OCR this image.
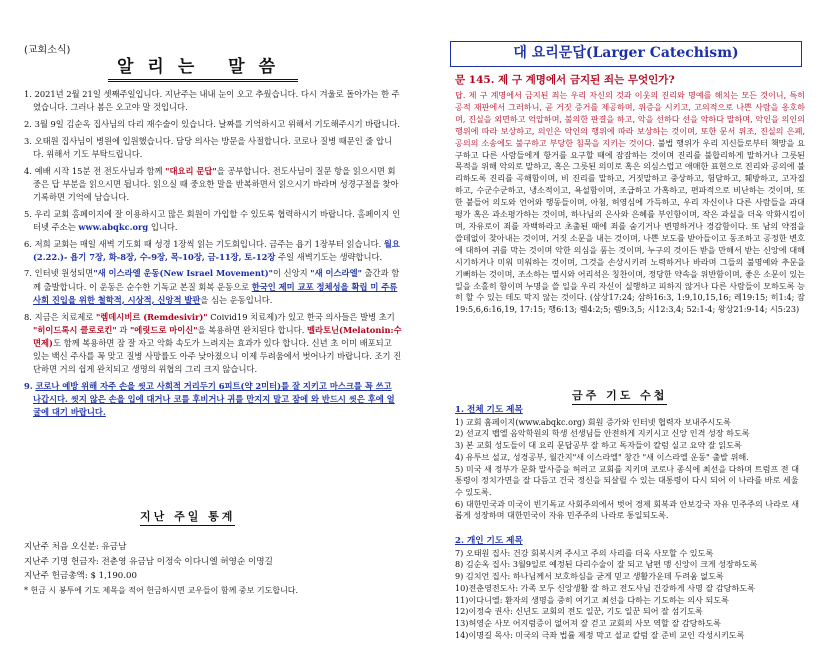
(교회소식)
알리는 말씀
1. 2021년 2월 21일 셋째주일입니다. 지난주는 내내 눈이 오고 추웠습니다. 다시 겨울로 돌아가는 한 주였습니다. 그러나 봄은 오고야 말 것입니다.
2. 3월 9일 김순옥 집사님의 다리 재수술이 있습니다. 날짜를 기억하시고 위해서 기도해주시기 바랍니다.
3. 오태원 집사님이 병원에 입원했습니다. 담당 의사는 방문을 사절합니다. 코로나 질병 때문인 줄 압니다. 위해서 기도 부탁드립니다.
4. 예배 시작 15분 전 전도사님과 함께 "대요리 문답"을 공부합니다. 전도사님이 질문 항을 읽으시면 회중은 답 부분을 읽으시면 됩니다. 읽으실 때 중요한 말을 반복하면서 읽으시기 바라며 성경구절을 찾아 기록하면 기억에 남습니다.
5. 우리 교회 홈페이지에 잘 이용하시고 많은 회원이 가입할 수 있도록 협력하시기 바랍니다. 홈페이지 인터넷 주소는 www.abqkc.org 입니다.
6. 저희 교회는 매일 새벽 기도회 때 성경 1장씩 읽는 기도회입니다. 금주는 욥기 1장부터 읽습니다. 월요(2.22.)- 욥기 7장, 화-8장, 수-9장, 목-10장, 금-11장, 토-12장 주일 새벽기도는 생략합니다.
7. 인터넷 원성되면"새 이스라엘 운동(New Israel Movement)"이 신앙지 "새 이스라엘" 출간과 함께 출발합니다. 이 운동은 순수한 기독교 본질 회복 운동으로 한국인 제미 교포 정체성을 확립 미 주류 사회 진입을 위한 철학적, 시상적, 신앙적 발판을 심는 운동입니다.
8. 지금은 치료제로 "렘데시비르 (Remdesivir)" Coivid19 치료제)가 있고 한국 의사들은 발병 초기 "히이드록시 클로로킨" 과 "에릿드로 마이신"을 복용하면 완치된다 합니다. 멜라토닌(Melatonin:수면제)도 함께 복용하면 잠 잘 자고 악화 속도가 느려지는 효과가 있다 합니다. 신년 초 이미 배포되고 있는 백신 주사를 꼭 맞고 질병 사망률도 아주 낮아졌으니 이제 두려움에서 벗어나기 바랍니다. 조기 진단하면 거의 쉽게 완치되고 생명의 위협의 그리 크지 않습니다.
9. 코로나 예방 위해 자주 손을 씻고 사회적 거리두기 6피트(약 2미터)를 잘 지키고 마스크를 꼭 쓰고 나갑시다. 씻지 않은 손을 입에 대거나 코를 후비거나 귀를 만지지 말고 잠에 와 반드시 씻은 후에 얼굴에 대기 바랍니다.
지난 주일 통계
지난주 처음 오신분: 유금남
지난주 기명 헌금자: 전춘영 유금남 이정숙 이다니엘 허영순 이명길
지난주 헌금총액: $ 1,190.00
* 헌금 시 봉투에 기도 제목을 적어 헌금하시면 교우들이 함께 중보 기도합니다.
대 요리문답(Larger Catechism)
문 145. 제 구 계명에서 금지된 죄는 무엇인가?
답. 제 구 계명에서 금지된 죄는 우리 자신의 것과 이웃의 진리와 명예를 해치는 모든 것이니, 특히 공적 재판에서 그러하니, 곧 거짓 증거를 제공하며, 위증을 시키고, 고의적으로 나쁜 사람을 옹호하며, 진실을 외면하고 억압하며, 불의한 판결을 하고, 악을 선하다 선을 악하다 말하며, 악인을 의인의 행위에 따라 보상하고, 의인은 악인의 행위에 따라 보상하는 것이며, 또한 문서 위조, 진실의 은폐, 공의의 소송에도 불구하고 부당한 침묵을 지키는 것이다. 불법 행위가 우리 지신들로부터 책망을 요구하고 다른 사람들에게 항거를 요구할 때에 잠잠하는 것이며 진리를 불합리하게 말하거나 그릇된 목적을 위해 악의로 말하고, 혹은 그릇된 의미로 혹은 의심스럽고 애매한 표현으로 진리와 공의에 불리하도록 진리를 곡해함이며, 비 진리를 말하고, 거짓말하고 중상하고, 험담하고, 훼방하고, 고자질하고, 수군수군하고, 냉소적이고, 욕설함이며, 조급하고 가혹하고, 편파적으로 비난하는 것이며, 또한 붙들어 의도와 언어와 행동들이며, 아첨, 허영심에 가득하고, 우리 자신이나 다른 사람들을 과대평가 혹은 과소평가하는 것이며, 하나님의 은사와 은혜를 부인함이며, 작은 과실을 더욱 악화시킴이며, 자유로이 죄를 자백하라고 초출된 때에 죄를 숨기거나 변명하거나 경감함이다. 또 남의 약점을 쓸데없이 찾아내는 것이며, 거짓 소문을 내는 것이며, 나쁜 보도를 받아들이고 동조하고 공정한 변호에 대하여 귀를 막는 것이며 악한 의심을 품는 것이며, 누구의 것이든 받을 만해서 받는 신앙에 대해 시기하거나 미워 미워하는 것이며, 그것을 손상시키려 노력하거나 바라며 그들의 불명예와 추문을 기뻐하는 것이며, 조소하는 멸시와 어리석은 칭찬이며, 정당한 약속을 위반함이며, 좋은 소문이 있는 일을 소홀히 함이며 누명을 쓸 일을 우리 자신이 실행하고 피하지 않거나 다른 사람들이 모하도록 능히 할 수 있는 데도 막지 않는 것이다. (삼상17:24; 삼하16:3, 1:9,10,15,16; 레19:15; 히1:4; 잠19:5,6,6:16,19, 17:15; 행6:13; 렘4:2;5; 렘9:3,5; 시12:3,4; 52:1-4; 왕상21:9-14; 시5:23)
금주 기도 수첩
1. 전체 기도 제목
1) 교회 홈페이지(www.abqkc.org) 회원 증가와 인터넷 협력자 보내주시도록
2) 선교지 뱁엘 음악학원의 학생 선생님들 안전하게 지키시고 신앙 인격 성장 하도록
3) 본 교회 성도들이 대 요리 문답공부 잘 하고 독자들이 칼럼 실고 요약 잘 읽도록
4) 유투브 설교, 성경공부, 월간지"새 이스라엘" 창간 "새 이스라엘 운동" 출발 위해.
5) 미국 새 정부가 문화 말사증을 허러고 교회를 지키며 코로나 종식에 최선을 다하며 트럼프 전 대통령이 정치가면을 잘 다듬고 건국 정신을 되살릴 수 있는 대통령이 다시 되어 이 나라를 바로 세울 수 있도록.
6) 대한민국과 미국이 빈기독교 사회주의에서 벗어 경제 회복과 안보강국 자유 민주주의 나라로 새롭게 성장하며 대한민국이 자유 민주주의 나라로 통일되도록.
2. 개인 기도 제목
7) 오태원 집사: 건강 회복시켜 주시고 주의 사리를 더욱 사모할 수 있도록
8) 김순옥 집사: 3월9일로 예정된 다리수술이 잘 되고 남편 맹 신앙이 크게 성장하도록
9) 김치언 집사: 하나님께서 보호하심을 굳게 믿고 생활가운데 두려움 없도록
10)전춘영전도사: 가족 모두 신앙생활 잘 하고 전도사님 건강하게 사명 잘 감당하도록
11)이다니엘: 환자의 생명을 중히 여기고 최선을 다하는 기도하는 의사 되도록
12)이정숙 권사: 신년도 교회의 전도 일꾼, 기도 일꾼 되어 잘 섬기도록
13)허영순 사모 어지럼증이 없어져 잘 걷고 교회의 사모 역할 잘 감당하도록
14)이명길 목사: 미국의 극좌 법률 제정 막고 설교 칼럼 잘 준비 교인 각성시키도록
